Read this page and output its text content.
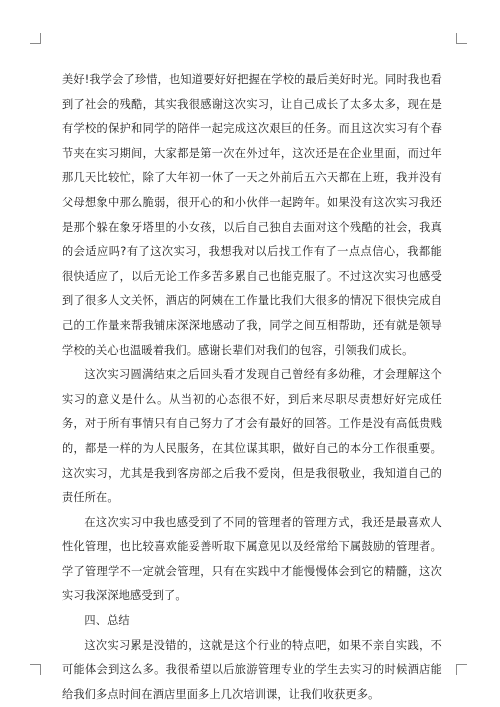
美好!我学会了珍惜，也知道要好好把握在学校的最后美好时光。同时我也看到了社会的残酷，其实我很感谢这次实习，让自己成长了太多太多，现在是有学校的保护和同学的陪伴一起完成这次艰巨的任务。而且这次实习有个春节夹在实习期间，大家都是第一次在外过年，这次还是在企业里面，而过年那几天比较忙，除了大年初一休了一天之外前后五六天都在上班，我并没有父母想象中那么脆弱，很开心的和小伙伴一起跨年。如果没有这次实习我还是那个躲在象牙塔里的小女孩，以后自己独自去面对这个残酷的社会，我真的会适应吗?有了这次实习，我想我对以后找工作有了一点点信心，我都能很快适应了，以后无论工作多苦多累自己也能克服了。不过这次实习也感受到了很多人文关怀，酒店的阿姨在工作量比我们大很多的情况下很快完成自己的工作量来帮我铺床深深地感动了我，同学之间互相帮助，还有就是领导学校的关心也温暖着我们。感谢长辈们对我们的包容，引领我们成长。

这次实习圆满结束之后回头看才发现自己曾经有多幼稚，才会理解这个实习的意义是什么。从当初的心态很不好，到后来尽职尽责想好好完成任务，对于所有事情只有自己努力了才会有最好的回答。工作是没有高低贵贱的，都是一样的为人民服务，在其位谋其职，做好自己的本分工作很重要。这次实习，尤其是我到客房部之后我不爱岗，但是我很敬业，我知道自己的责任所在。

在这次实习中我也感受到了不同的管理者的管理方式，我还是最喜欢人性化管理，也比较喜欢能妥善听取下属意见以及经常给下属鼓励的管理者。学了管理学不一定就会管理，只有在实践中才能慢慢体会到它的精髓，这次实习我深深地感受到了。

四、总结

这次实习累是没错的，这就是这个行业的特点吧，如果不亲自实践，不可能体会到这么多。我很希望以后旅游管理专业的学生去实习的时候酒店能给我们多点时间在酒店里面多上几次培训课，让我们收获更多。
